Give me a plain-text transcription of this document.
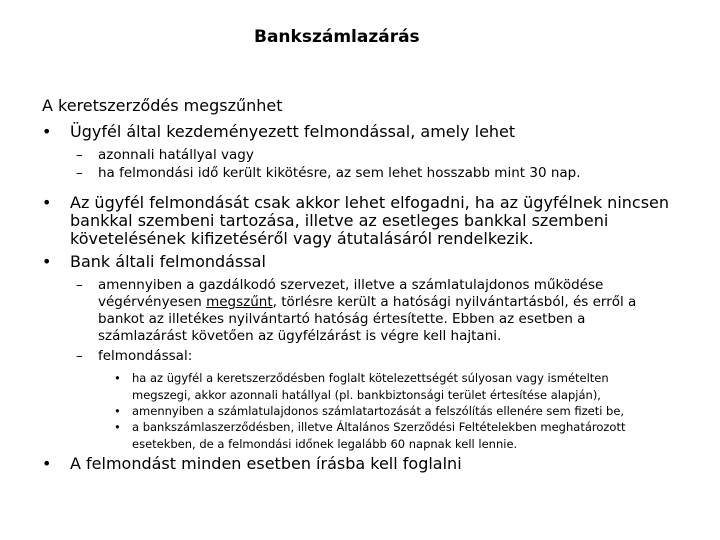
Bankszámlazárás
A keretszerződés megszűnhet
• Ügyfél által kezdeményezett felmondással, amely lehet
– azonnali hatállyal vagy
– ha felmondási idő került kikötésre, az sem lehet hosszabb mint 30 nap.
• Az ügyfél felmondását csak akkor lehet elfogadni, ha az ügyfélnek nincsen
bankkal szembeni tartozása, illetve az esetleges bankkal szembeni
követelésének kifizetéséről vagy átutalásáról rendelkezik.
• Bank általi felmondással
– amennyiben a gazdálkodó szervezet, illetve a számlatulajdonos működése
végérvényesen megszűnt, törlésre került a hatósági nyilvántartásból, és erről a
bankot az illetékes nyilvántartó hatóság értesítette. Ebben az esetben a
számlazárást követően az ügyfélzárást is végre kell hajtani.
– felmondással:
• ha az ügyfél a keretszerződésben foglalt kötelezettségét súlyosan vagy ismételten
megszegi, akkor azonnali hatállyal (pl. bankbiztonsági terület értesítése alapján),
• amennyiben a számlatulajdonos számlatartozását a felszólítás ellenére sem fizeti be,
• a bankszámlaszerződésben, illetve Általános Szerződési Feltételekben meghatározott
esetekben, de a felmondási időnek legalább 60 napnak kell lennie.
• A felmondást minden esetben írásba kell foglalni
